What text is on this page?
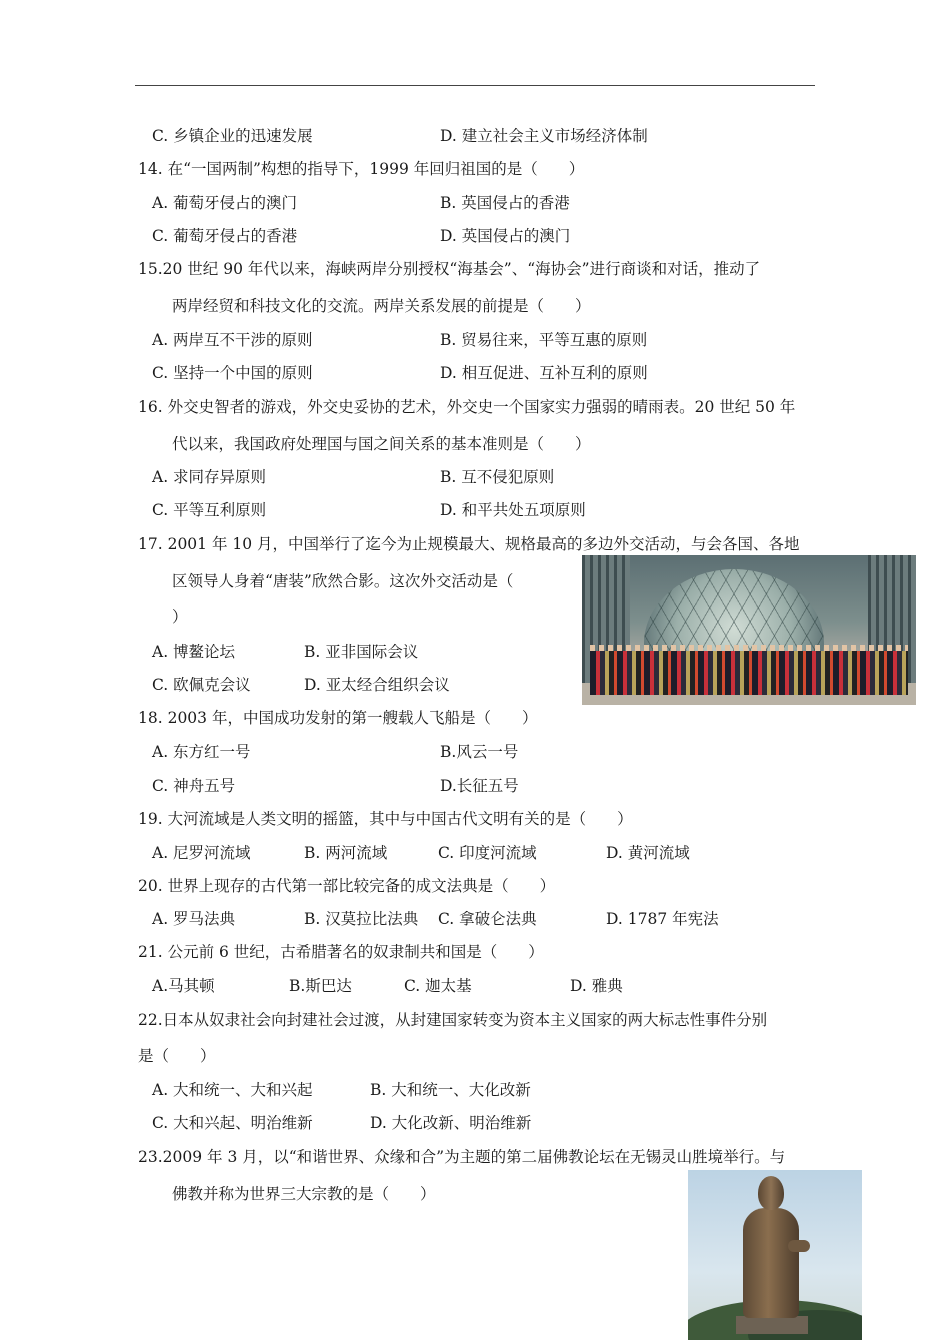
C. 乡镇企业的迅速发展	D. 建立社会主义市场经济体制
14. 在“一国两制”构想的指导下，1999 年回归祖国的是（　　）
A. 葡萄牙侵占的澳门	B. 英国侵占的香港
C. 葡萄牙侵占的香港	D. 英国侵占的澳门
15.20 世纪 90 年代以来，海峡两岸分别授权“海基会”、“海协会”进行商谈和对话，推动了
两岸经贸和科技文化的交流。两岸关系发展的前提是（　　）
A. 两岸互不干涉的原则	B. 贸易往来，平等互惠的原则
C. 坚持一个中国的原则	D. 相互促进、互补互利的原则
16. 外交史智者的游戏，外交史妥协的艺术，外交史一个国家实力强弱的晴雨表。20 世纪 50 年
代以来，我国政府处理国与国之间关系的基本准则是（　　）
A. 求同存异原则	B. 互不侵犯原则
C. 平等互利原则	D. 和平共处五项原则
17. 2001 年 10 月，中国举行了迄今为止规模最大、规格最高的多边外交活动，与会各国、各地
区领导人身着“唐装”欣然合影。这次外交活动是（
）
A. 博鳌论坛	B. 亚非国际会议
C. 欧佩克会议	D. 亚太经合组织会议
18. 2003 年，中国成功发射的第一艘载人飞船是（　　）
A. 东方红一号	B.风云一号
C. 神舟五号	D.长征五号
19. 大河流域是人类文明的摇篮，其中与中国古代文明有关的是（　　）
A. 尼罗河流域	B. 两河流域	C. 印度河流域	D. 黄河流域
20. 世界上现存的古代第一部比较完备的成文法典是（　　）
A. 罗马法典	B. 汉莫拉比法典 C. 拿破仑法典	D. 1787 年宪法
21. 公元前 6 世纪，古希腊著名的奴隶制共和国是（　　）
A.马其顿	B.斯巴达	C. 迦太基	D. 雅典
22.日本从奴隶社会向封建社会过渡，从封建国家转变为资本主义国家的两大标志性事件分别
是（　　）
A. 大和统一、大和兴起	B. 大和统一、大化改新
C. 大和兴起、明治维新	D. 大化改新、明治维新
23.2009 年 3 月，以“和谐世界、众缘和合”为主题的第二届佛教论坛在无锡灵山胜境举行。与
佛教并称为世界三大宗教的是（　　）
